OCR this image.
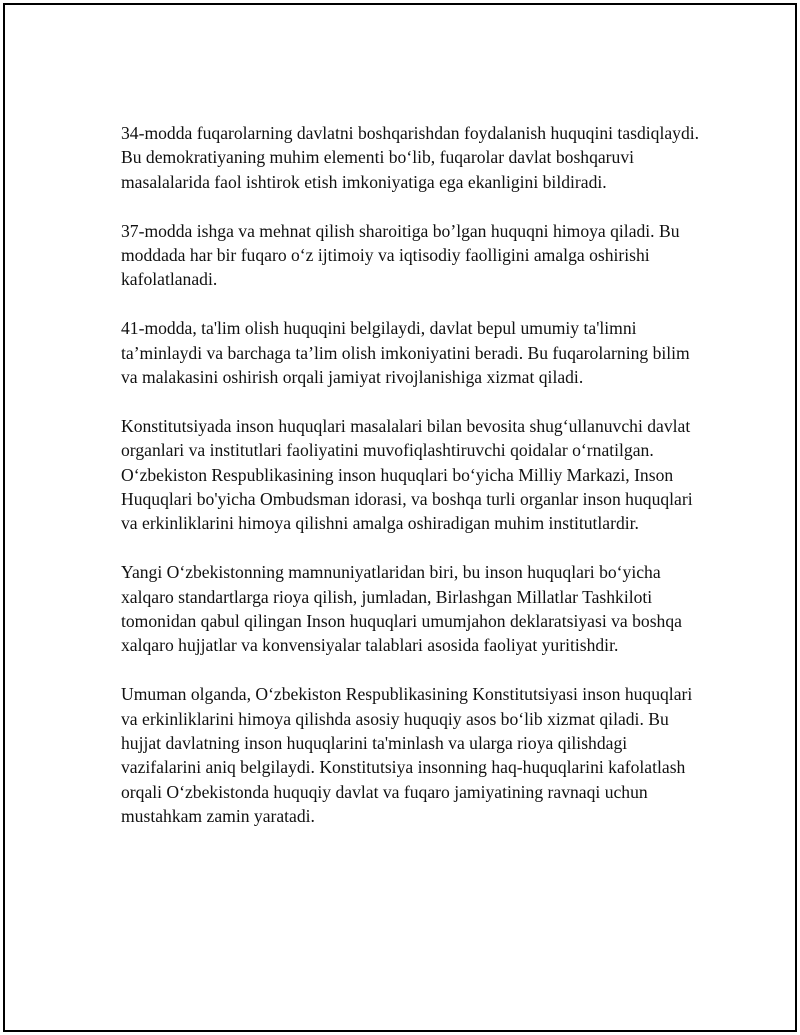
34-modda fuqarolarning davlatni boshqarishdan foydalanish huquqini tasdiqlaydi. Bu demokratiyaning muhim elementi bo‘lib, fuqarolar davlat boshqaruvi masalalarida faol ishtirok etish imkoniyatiga ega ekanligini bildiradi.

37-modda ishga va mehnat qilish sharoitiga bo’lgan huquqni himoya qiladi. Bu moddada har bir fuqaro o‘z ijtimoiy va iqtisodiy faolligini amalga oshirishi kafolatlanadi.

41-modda, ta'lim olish huquqini belgilaydi, davlat bepul umumiy ta'limni ta’minlaydi va barchaga ta’lim olish imkoniyatini beradi. Bu fuqarolarning bilim va malakasini oshirish orqali jamiyat rivojlanishiga xizmat qiladi.

Konstitutsiyada inson huquqlari masalalari bilan bevosita shug‘ullanuvchi davlat organlari va institutlari faoliyatini muvofiqlashtiruvchi qoidalar o‘rnatilgan. O‘zbekiston Respublikasining inson huquqlari bo‘yicha Milliy Markazi, Inson Huquqlari bo'yicha Ombudsman idorasi, va boshqa turli organlar inson huquqlari va erkinliklarini himoya qilishni amalga oshiradigan muhim institutlardir.

Yangi O‘zbekistonning mamnuniyatlaridan biri, bu inson huquqlari bo‘yicha xalqaro standartlarga rioya qilish, jumladan, Birlashgan Millatlar Tashkiloti tomonidan qabul qilingan Inson huquqlari umumjahon deklaratsiyasi va boshqa xalqaro hujjatlar va konvensiyalar talablari asosida faoliyat yuritishdir.

Umuman olganda, O‘zbekiston Respublikasining Konstitutsiyasi inson huquqlari va erkinliklarini himoya qilishda asosiy huquqiy asos bo‘lib xizmat qiladi. Bu hujjat davlatning inson huquqlarini ta'minlash va ularga rioya qilishdagi vazifalarini aniq belgilaydi. Konstitutsiya insonning haq-huquqlarini kafolatlash orqali O‘zbekistonda huquqiy davlat va fuqaro jamiyatining ravnaqi uchun mustahkam zamin yaratadi.
